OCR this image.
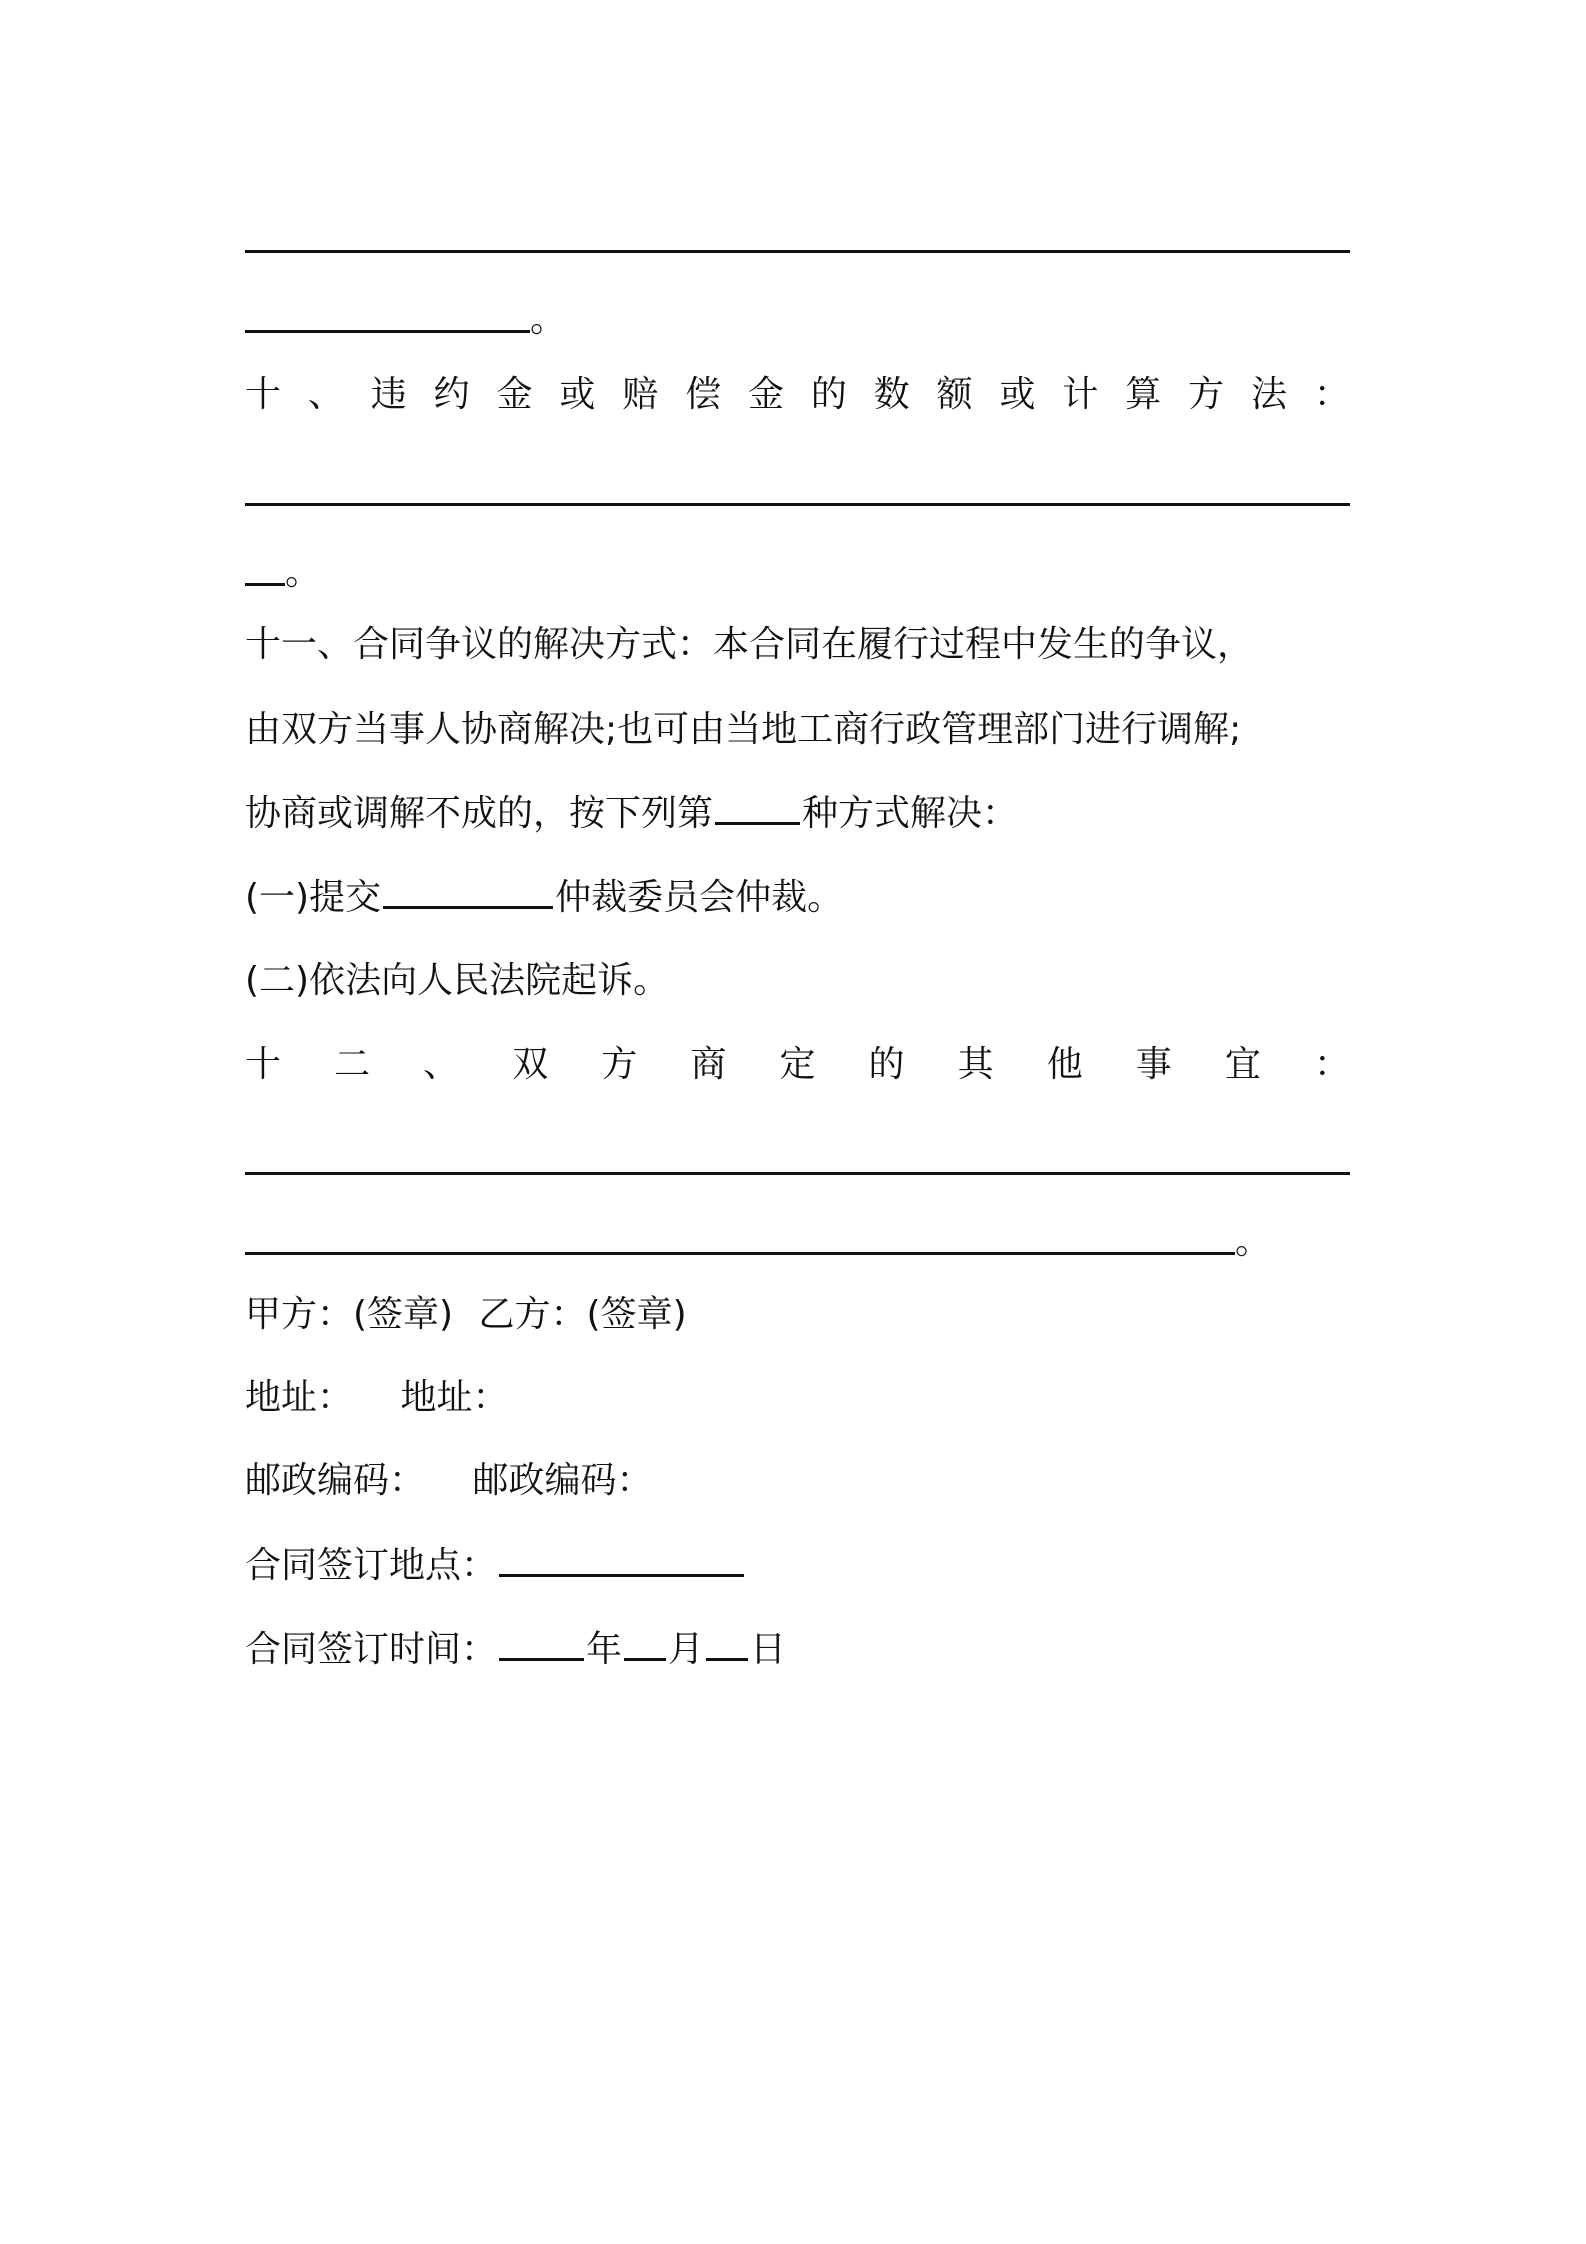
。
十 、 违 约 金 或 赔 偿 金 的 数 额 或 计 算 方 法 ：
。
十一、合同争议的解决方式：本合同在履行过程中发生的争议，
由双方当事人协商解决;也可由当地工商行政管理部门进行调解;
协商或调解不成的，按下列第 种方式解决：
(一)提交	仲裁委员会仲裁。
(二)依法向人民法院起诉。
十 二 、 双 方 商 定 的 其 他 事 宜 ：
。
甲方：(签章) 乙方：(签章)
地址： 地址：
邮政编码： 邮政编码：
合同签订地点：
合同签订时间： 年 月 日
